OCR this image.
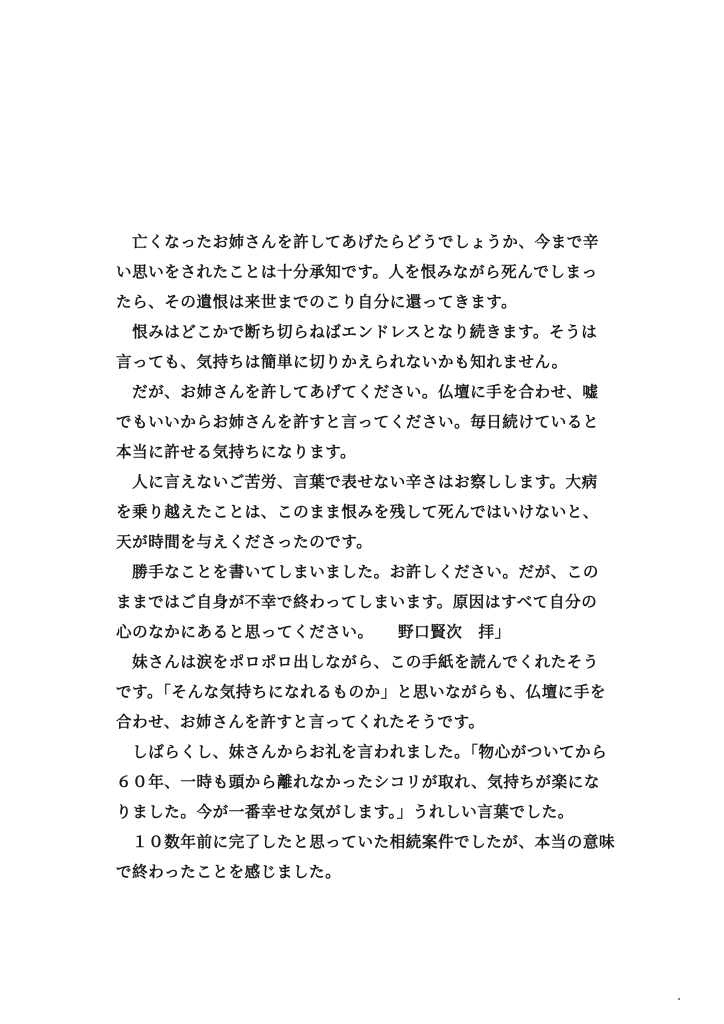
　亡くなったお姉さんを許してあげたらどうでしょうか、今まで辛
い思いをされたことは十分承知です。人を恨みながら死んでしまっ
たら、その遺恨は来世までのこり自分に還ってきます。
　恨みはどこかで断ち切らねばエンドレスとなり続きます。そうは
言っても、気持ちは簡単に切りかえられないかも知れません。
　だが、お姉さんを許してあげてください。仏壇に手を合わせ、嘘
でもいいからお姉さんを許すと言ってください。毎日続けていると
本当に許せる気持ちになります。
　人に言えないご苦労、言葉で表せない辛さはお察しします。大病
を乗り越えたことは、このまま恨みを残して死んではいけないと、
天が時間を与えくださったのです。
　勝手なことを書いてしまいました。お許しください。だが、この
ままではご自身が不幸で終わってしまいます。原因はすべて自分の
心のなかにあると思ってください。　　野口賢次　拝」
　妹さんは涙をポロポロ出しながら、この手紙を読んでくれたそう
です。「そんな気持ちになれるものか」と思いながらも、仏壇に手を
合わせ、お姉さんを許すと言ってくれたそうです。
　しばらくし、妹さんからお礼を言われました。「物心がついてから
６０年、一時も頭から離れなかったシコリが取れ、気持ちが楽にな
りました。今が一番幸せな気がします。」うれしい言葉でした。
　１０数年前に完了したと思っていた相続案件でしたが、本当の意味
で終わったことを感じました。
